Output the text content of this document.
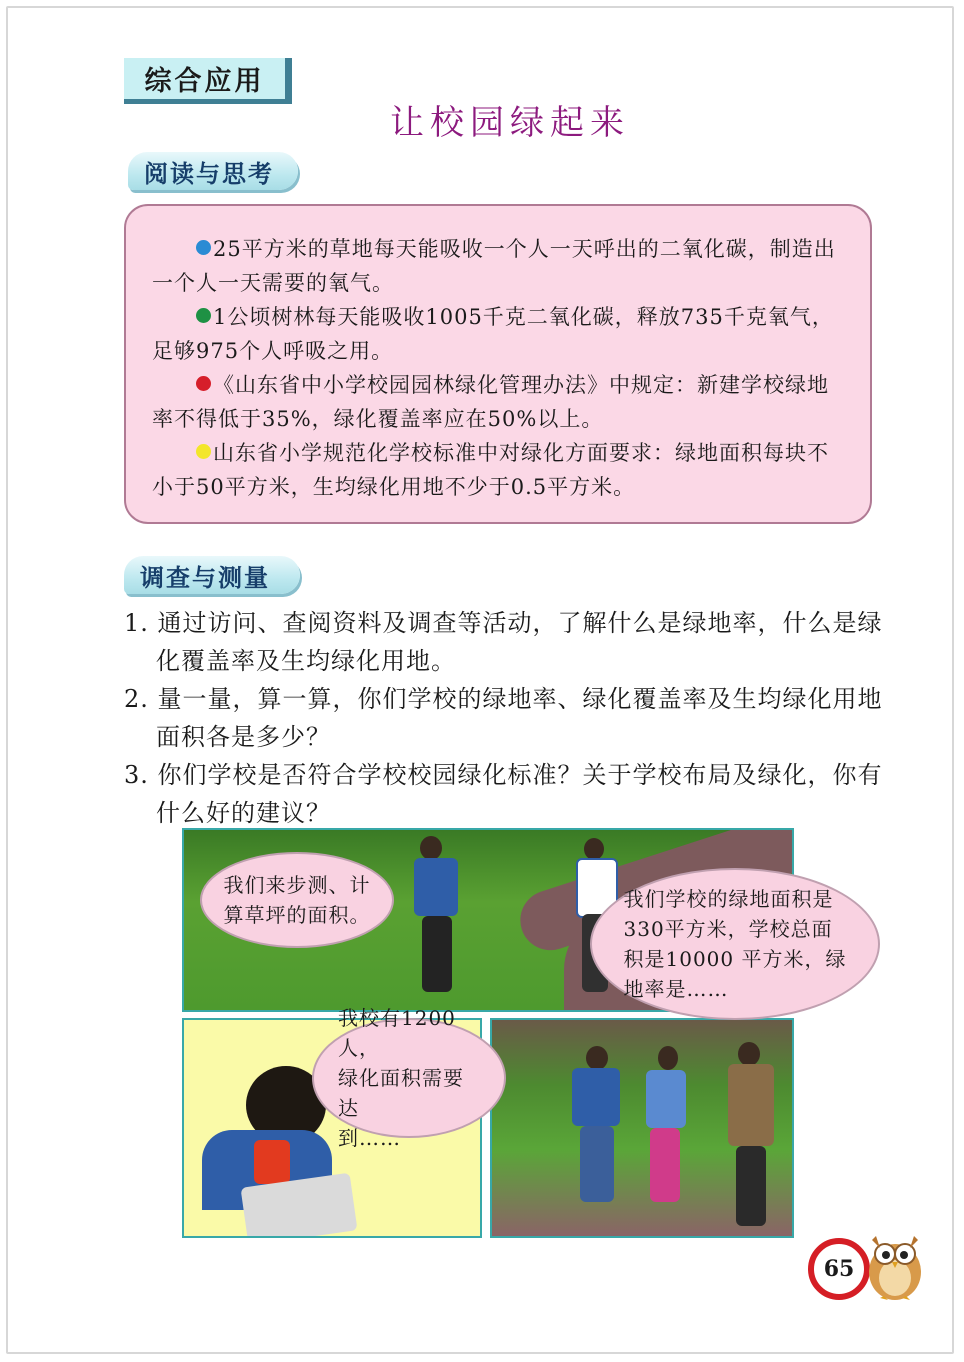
综合应用
让校园绿起来
阅读与思考

25平方米的草地每天能吸收一个人一天呼出的二氧化碳，制造出一个人一天需要的氧气。

1公顷树林每天能吸收1005千克二氧化碳，释放735千克氧气，足够975个人呼吸之用。

《山东省中小学校园园林绿化管理办法》中规定：新建学校绿地率不得低于35%，绿化覆盖率应在50%以上。

山东省小学规范化学校标准中对绿化方面要求：绿地面积每块不小于50平方米，生均绿化用地不少于0.5平方米。

调查与测量

1. 通过访问、查阅资料及调查等活动，了解什么是绿地率，什么是绿化覆盖率及生均绿化用地。

2. 量一量，算一算，你们学校的绿地率、绿化覆盖率及生均绿化用地面积各是多少？

3. 你们学校是否符合学校校园绿化标准？关于学校布局及绿化，你有什么好的建议？

我们来步测、计
算草坪的面积。
我们学校的绿地面积是
330平方米，学校总面
积是10000 平方米，绿
地率是……
我校有1200人，
绿化面积需要达
到……
65
